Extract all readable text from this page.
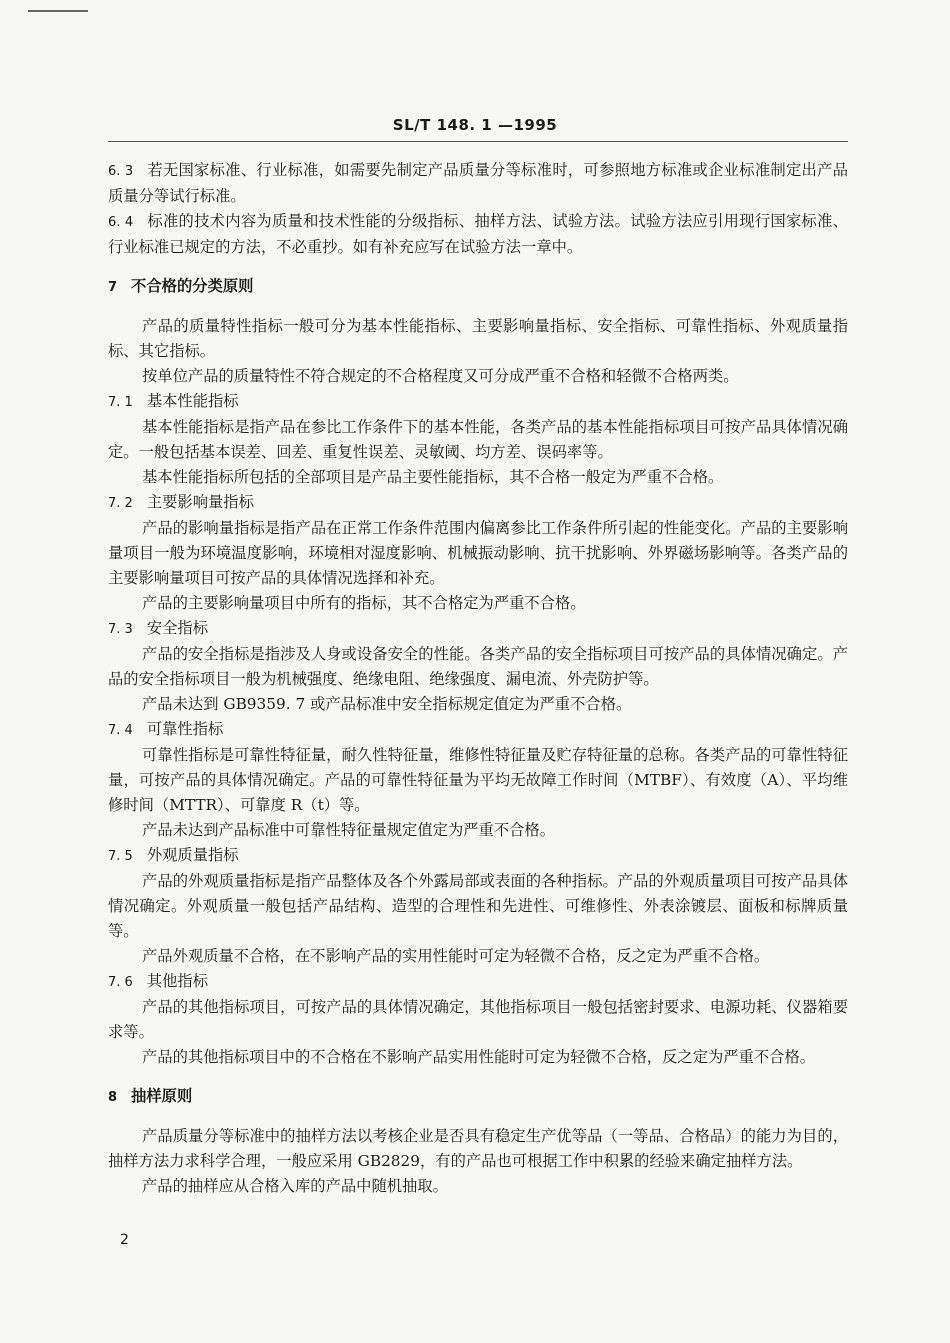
SL/T 148. 1 —1995

6. 3 若无国家标准、行业标准，如需要先制定产品质量分等标准时，可参照地方标准或企业标准制定出产品质量分等试行标准。

6. 4 标准的技术内容为质量和技术性能的分级指标、抽样方法、试验方法。试验方法应引用现行国家标准、行业标准已规定的方法，不必重抄。如有补充应写在试验方法一章中。

7 不合格的分类原则

产品的质量特性指标一般可分为基本性能指标、主要影响量指标、安全指标、可靠性指标、外观质量指标、其它指标。

按单位产品的质量特性不符合规定的不合格程度又可分成严重不合格和轻微不合格两类。

7. 1 基本性能指标

基本性能指标是指产品在参比工作条件下的基本性能，各类产品的基本性能指标项目可按产品具体情况确定。一般包括基本误差、回差、重复性误差、灵敏阈、均方差、误码率等。

基本性能指标所包括的全部项目是产品主要性能指标，其不合格一般定为严重不合格。

7. 2 主要影响量指标

产品的影响量指标是指产品在正常工作条件范围内偏离参比工作条件所引起的性能变化。产品的主要影响量项目一般为环境温度影响，环境相对湿度影响、机械振动影响、抗干扰影响、外界磁场影响等。各类产品的主要影响量项目可按产品的具体情况选择和补充。

产品的主要影响量项目中所有的指标，其不合格定为严重不合格。

7. 3 安全指标

产品的安全指标是指涉及人身或设备安全的性能。各类产品的安全指标项目可按产品的具体情况确定。产品的安全指标项目一般为机械强度、绝缘电阻、绝缘强度、漏电流、外壳防护等。

产品未达到 GB9359. 7 或产品标准中安全指标规定值定为严重不合格。

7. 4 可靠性指标

可靠性指标是可靠性特征量，耐久性特征量，维修性特征量及贮存特征量的总称。各类产品的可靠性特征量，可按产品的具体情况确定。产品的可靠性特征量为平均无故障工作时间（MTBF）、有效度（A）、平均维修时间（MTTR）、可靠度 R（t）等。

产品未达到产品标准中可靠性特征量规定值定为严重不合格。

7. 5 外观质量指标

产品的外观质量指标是指产品整体及各个外露局部或表面的各种指标。产品的外观质量项目可按产品具体情况确定。外观质量一般包括产品结构、造型的合理性和先进性、可维修性、外表涂镀层、面板和标牌质量等。

产品外观质量不合格，在不影响产品的实用性能时可定为轻微不合格，反之定为严重不合格。

7. 6 其他指标

产品的其他指标项目，可按产品的具体情况确定，其他指标项目一般包括密封要求、电源功耗、仪器箱要求等。

产品的其他指标项目中的不合格在不影响产品实用性能时可定为轻微不合格，反之定为严重不合格。

8 抽样原则

产品质量分等标准中的抽样方法以考核企业是否具有稳定生产优等品（一等品、合格品）的能力为目的，抽样方法力求科学合理，一般应采用 GB2829，有的产品也可根据工作中积累的经验来确定抽样方法。

产品的抽样应从合格入库的产品中随机抽取。

2
